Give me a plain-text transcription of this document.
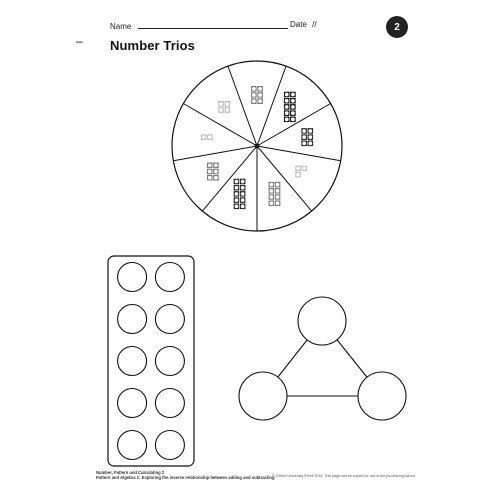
Name	Date //	2
– Number Trios
Number, Pattern and Calculating 2
Pattern and Algebra 1: Exploring the inverse relationship between adding and subtracting
© Oxford University Press 2014. This page can be copied for use in the purchasing school
